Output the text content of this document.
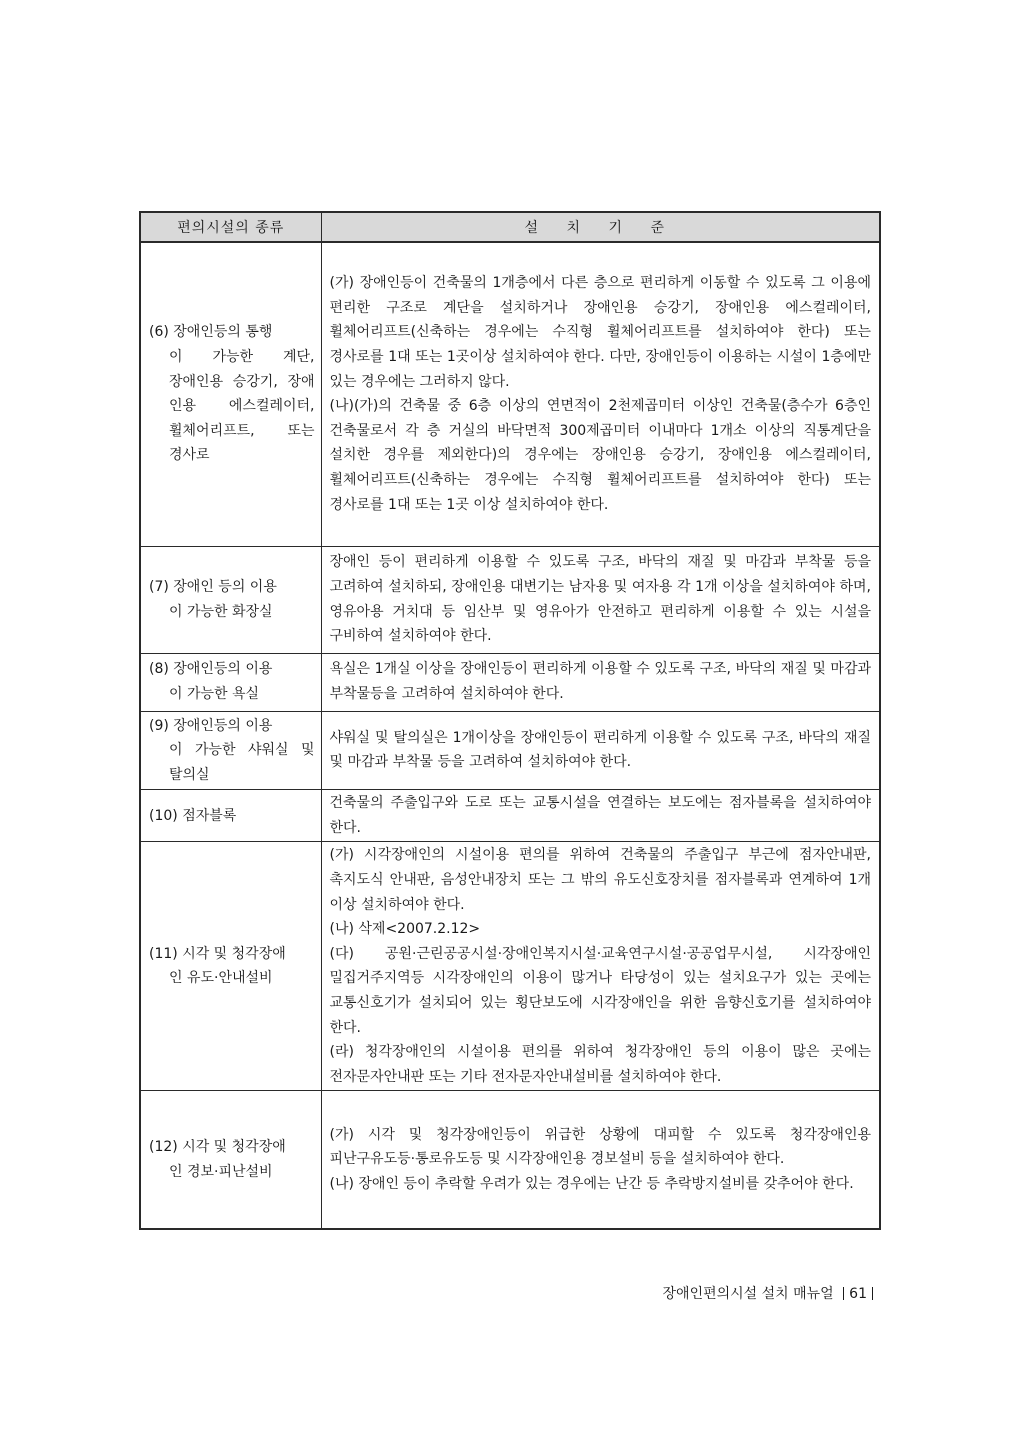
편의시설의 종류	설 치 기 준

(6) 장애인등의 통행
이 가능한 계단, 장애인용 승강기, 장애 인용 에스컬레이터, 휠체어리프트, 또는 경사로	(가) 장애인등이 건축물의 1개층에서 다른 층으로 편리하게 이동할 수 있도록 그 이용에 편리한 구조로 계단을 설치하거나 장애인용 승강기, 장애인용 에스컬레이터, 휠체어리프트(신축하는 경우에는 수직형 휠체어리프트를 설치하여야 한다) 또는 경사로를 1대 또는 1곳이상 설치하여야 한다. 다만, 장애인등이 이용하는 시설이 1층에만 있는 경우에는 그러하지 않다.
(나)(가)의 건축물 중 6층 이상의 연면적이 2천제곱미터 이상인 건축물(층수가 6층인 건축물로서 각 층 거실의 바닥면적 300제곱미터 이내마다 1개소 이상의 직통계단을 설치한 경우를 제외한다)의 경우에는 장애인용 승강기, 장애인용 에스컬레이터, 휠체어리프트(신축하는 경우에는 수직형 휠체어리프트를 설치하여야 한다) 또는 경사로를 1대 또는 1곳 이상 설치하여야 한다.

(7) 장애인 등의 이용
이 가능한 화장실	장애인 등이 편리하게 이용할 수 있도록 구조, 바닥의 재질 및 마감과 부착물 등을 고려하여 설치하되, 장애인용 대변기는 남자용 및 여자용 각 1개 이상을 설치하여야 하며, 영유아용 거치대 등 임산부 및 영유아가 안전하고 편리하게 이용할 수 있는 시설을 구비하여 설치하여야 한다.

(8) 장애인등의 이용
이 가능한 욕실	욕실은 1개실 이상을 장애인등이 편리하게 이용할 수 있도록 구조, 바닥의 재질 및 마감과 부착물등을 고려하여 설치하여야 한다.

(9) 장애인등의 이용
이 가능한 샤워실 및 탈의실	샤워실 및 탈의실은 1개이상을 장애인등이 편리하게 이용할 수 있도록 구조, 바닥의 재질 및 마감과 부착물 등을 고려하여 설치하여야 한다.

(10) 점자블록	건축물의 주출입구와 도로 또는 교통시설을 연결하는 보도에는 점자블록을 설치하여야 한다.

(11) 시각 및 청각장애
인 유도·안내설비	(가) 시각장애인의 시설이용 편의를 위하여 건축물의 주출입구 부근에 점자안내판, 촉지도식 안내판, 음성안내장치 또는 그 밖의 유도신호장치를 점자블록과 연계하여 1개 이상 설치하여야 한다.
(나) 삭제<2007.2.12>
(다) 공원·근린공공시설·장애인복지시설·교육연구시설·공공업무시설, 시각장애인 밀집거주지역등 시각장애인의 이용이 많거나 타당성이 있는 설치요구가 있는 곳에는 교통신호기가 설치되어 있는 횡단보도에 시각장애인을 위한 음향신호기를 설치하여야 한다.
(라) 청각장애인의 시설이용 편의를 위하여 청각장애인 등의 이용이 많은 곳에는 전자문자안내판 또는 기타 전자문자안내설비를 설치하여야 한다.

(12) 시각 및 청각장애
인 경보·피난설비	(가) 시각 및 청각장애인등이 위급한 상황에 대피할 수 있도록 청각장애인용 피난구유도등·통로유도등 및 시각장애인용 경보설비 등을 설치하여야 한다.
(나) 장애인 등이 추락할 우려가 있는 경우에는 난간 등 추락방지설비를 갖추어야 한다.
장애인편의시설 설치 매뉴얼 61
